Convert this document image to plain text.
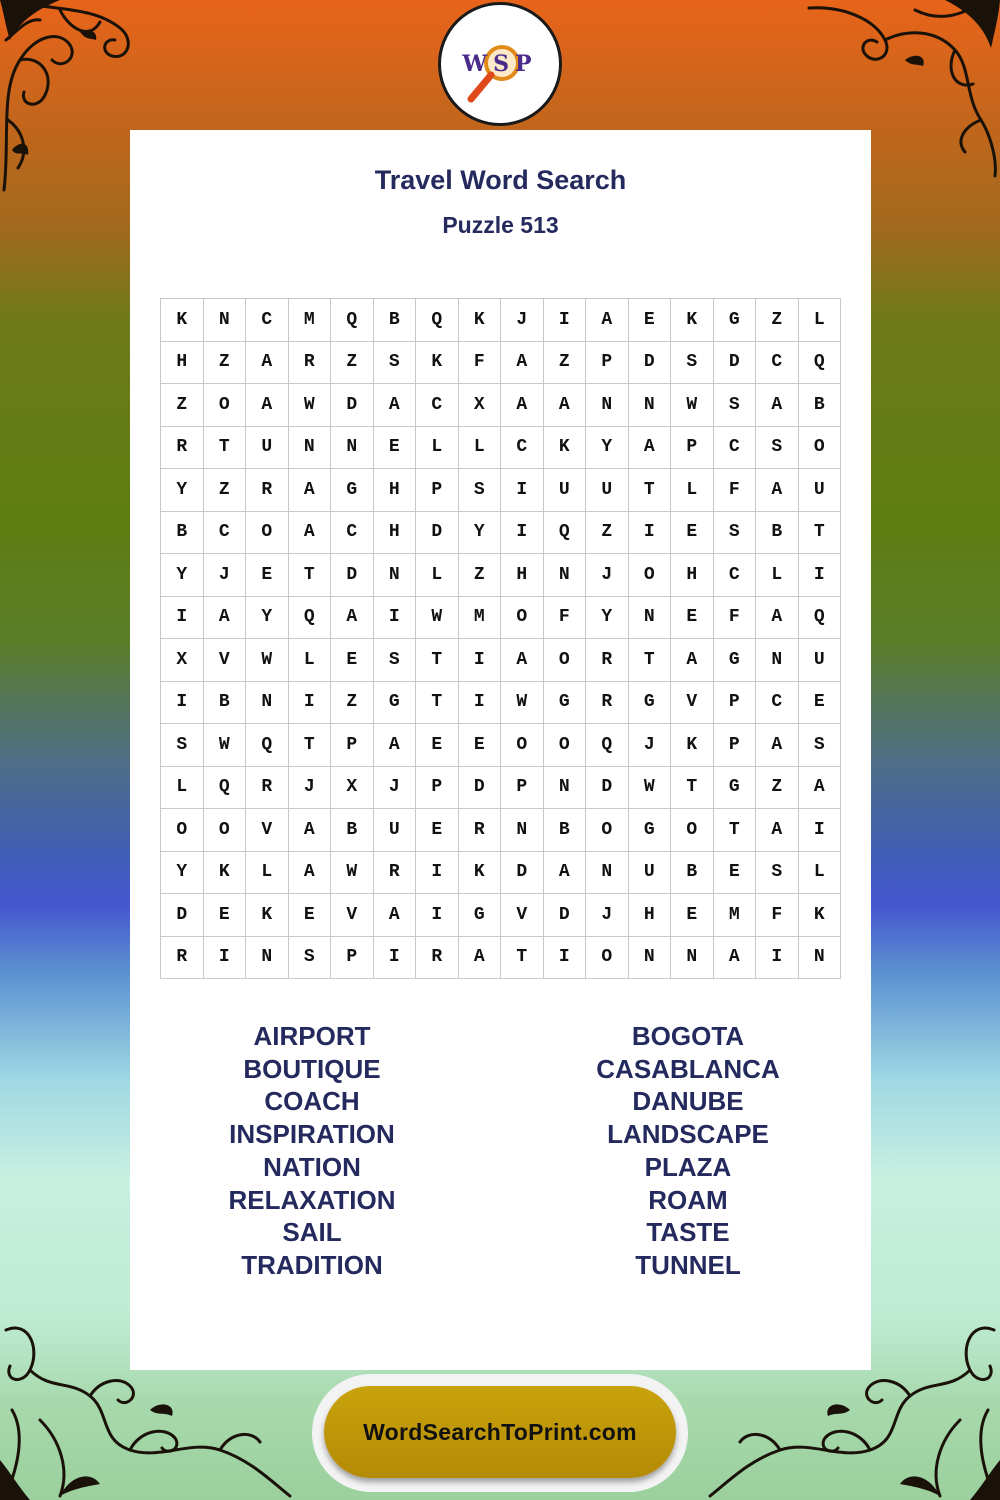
WSP
Travel Word Search
Puzzle 513
K	N	C	M	Q	B	Q	K	J	I	A	E	K	G	Z	L
H	Z	A	R	Z	S	K	F	A	Z	P	D	S	D	C	Q
Z	O	A	W	D	A	C	X	A	A	N	N	W	S	A	B
R	T	U	N	N	E	L	L	C	K	Y	A	P	C	S	O
Y	Z	R	A	G	H	P	S	I	U	U	T	L	F	A	U
B	C	O	A	C	H	D	Y	I	Q	Z	I	E	S	B	T
Y	J	E	T	D	N	L	Z	H	N	J	O	H	C	L	I
I	A	Y	Q	A	I	W	M	O	F	Y	N	E	F	A	Q
X	V	W	L	E	S	T	I	A	O	R	T	A	G	N	U
I	B	N	I	Z	G	T	I	W	G	R	G	V	P	C	E
S	W	Q	T	P	A	E	E	O	O	Q	J	K	P	A	S
L	Q	R	J	X	J	P	D	P	N	D	W	T	G	Z	A
O	O	V	A	B	U	E	R	N	B	O	G	O	T	A	I
Y	K	L	A	W	R	I	K	D	A	N	U	B	E	S	L
D	E	K	E	V	A	I	G	V	D	J	H	E	M	F	K
R	I	N	S	P	I	R	A	T	I	O	N	N	A	I	N
AIRPORT
BOUTIQUE
COACH
INSPIRATION
NATION
RELAXATION
SAIL
TRADITION
BOGOTA
CASABLANCA
DANUBE
LANDSCAPE
PLAZA
ROAM
TASTE
TUNNEL
WordSearchToPrint.com
